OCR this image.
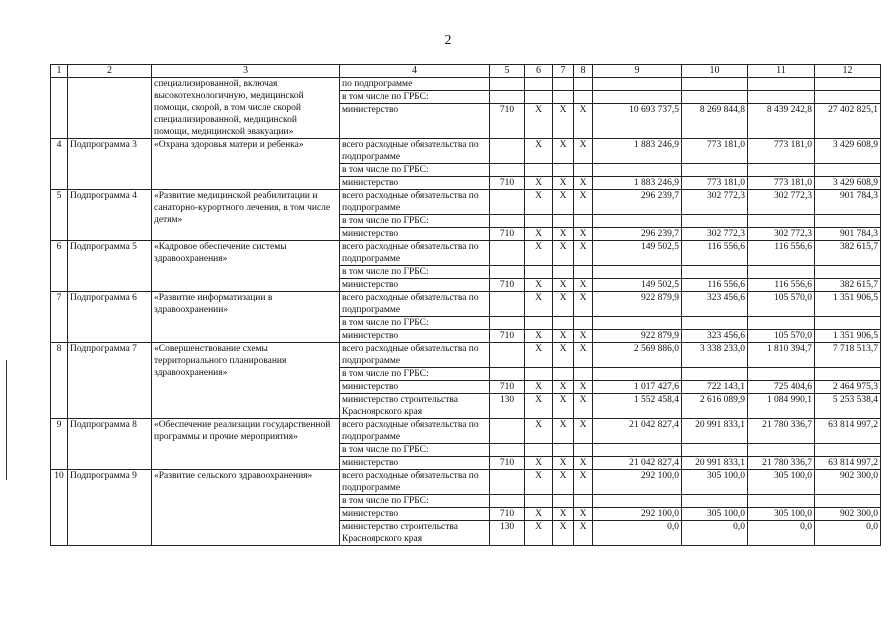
2
1	2	3	4	5	6	7	8	9	10	11	12

		специализированной, включая
высокотехнологичную, медицинской
помощи, скорой, в том числе скорой
специализированной, медицинской
помощи, медицинской эвакуации»	по подпрограмме								
			в том числе по ГРБС:								
			министерство	710	Х	Х	Х	10 693 737,5	8 269 844,8	8 439 242,8	27 402 825,1

4	Подпрограмма 3	«Охрана здоровья матери и ребенка»	всего расходные обязательства по подпрограмме		Х	Х	Х	1 883 246,9	773 181,0	773 181,0	3 429 608,9

			в том числе по ГРБС:								
			министерство	710	Х	Х	Х	1 883 246,9	773 181,0	773 181,0	3 429 608,9
5	Подпрограмма 4	«Развитие медицинской реабилитации и санаторно-курортного лечения, в том числе детям»	всего расходные обязательства по подпрограмме		Х	Х	Х	296 239,7	302 772,3	302 772,3	901 784,3

			в том числе по ГРБС:								
			министерство	710	Х	Х	Х	296 239,7	302 772,3	302 772,3	901 784,3
6	Подпрограмма 5	«Кадровое обеспечение системы здравоохранения»	всего расходные обязательства по подпрограмме		Х	Х	Х	149 502,5	116 556,6	116 556,6	382 615,7

			в том числе по ГРБС:								
			министерство	710	Х	Х	Х	149 502,5	116 556,6	116 556,6	382 615,7
7	Подпрограмма 6	«Развитие информатизации в здравоохранении»	всего расходные обязательства по подпрограмме		Х	Х	Х	922 879,9	323 456,6	105 570,0	1 351 906,5

			в том числе по ГРБС:								
			министерство	710	Х	Х	Х	922 879,9	323 456,6	105 570,0	1 351 906,5
8	Подпрограмма 7	«Совершенствование схемы территориального планирования здравоохранения»	всего расходные обязательства по подпрограмме		Х	Х	Х	2 569 886,0	3 338 233,0	1 810 394,7	7 718 513,7

			в том числе по ГРБС:								
			министерство	710	Х	Х	Х	1 017 427,6	722 143,1	725 404,6	2 464 975,3
			министерство строительства Красноярского края	130	Х	Х	Х	1 552 458,4	2 616 089,9	1 084 990,1	5 253 538,4
9	Подпрограмма 8	«Обеспечение реализации государственной программы и прочие мероприятия»	всего расходные обязательства по подпрограмме		Х	Х	Х	21 042 827,4	20 991 833,1	21 780 336,7	63 814 997,2

			в том числе по ГРБС:								
			министерство	710	Х	Х	Х	21 042 827,4	20 991 833,1	21 780 336,7	63 814 997,2
10	Подпрограмма 9	«Развитие сельского здравоохранения»	всего расходные обязательства по подпрограмме		Х	Х	Х	292 100,0	305 100,0	305 100,0	902 300,0

			в том числе по ГРБС:								
			министерство	710	Х	Х	Х	292 100,0	305 100,0	305 100,0	902 300,0
			министерство строительства Красноярского края	130	Х	Х	Х	0,0	0,0	0,0	0,0
